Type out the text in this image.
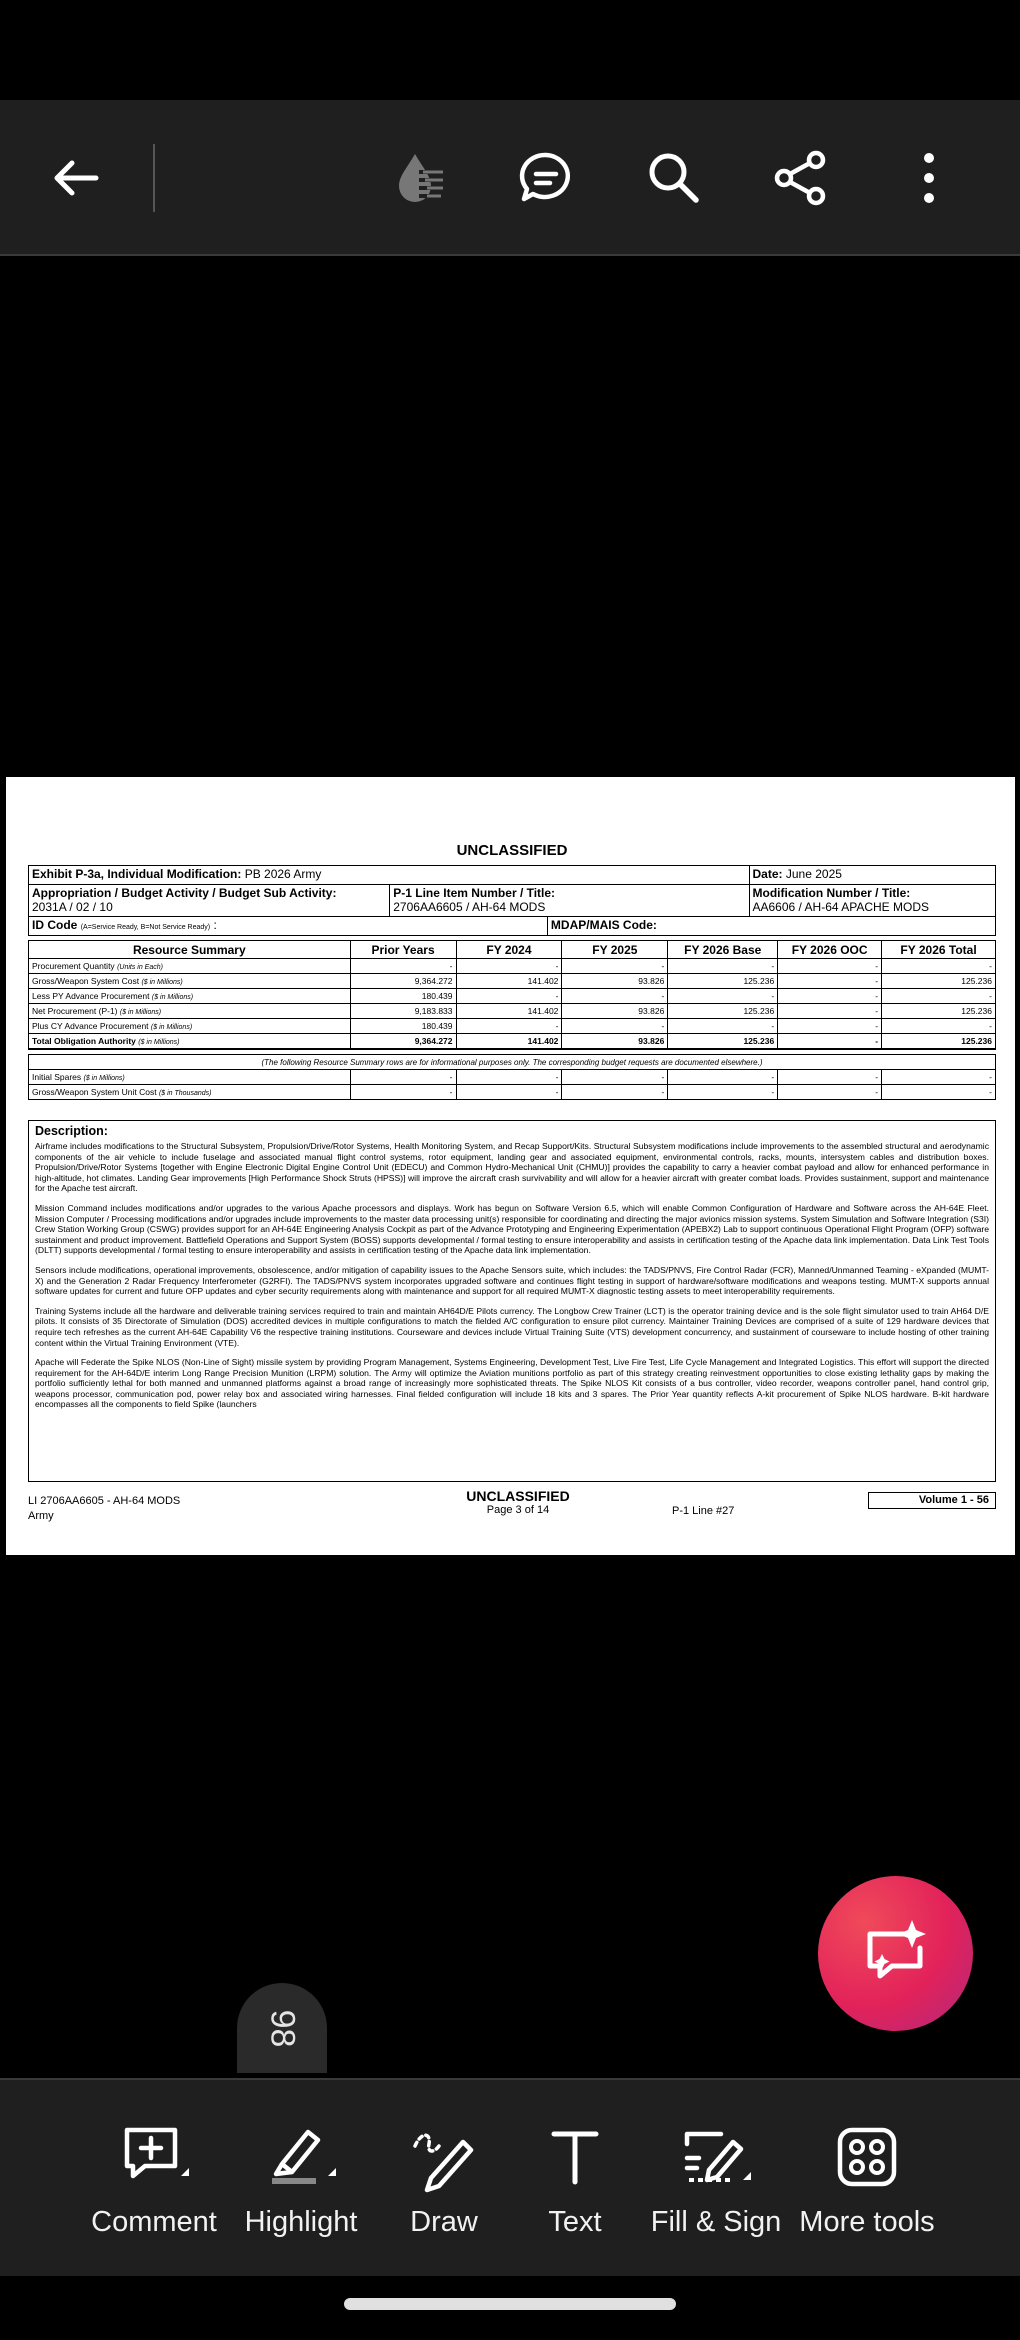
UNCLASSIFIED
Exhibit P-3a, Individual Modification: PB 2026 Army	Date: June 2025
Appropriation / Budget Activity / Budget Sub Activity:
2031A / 02 / 10
P-1 Line Item Number / Title:
2706AA6605 / AH-64 MODS
Modification Number / Title:
AA6606 / AH-64 APACHE MODS
ID Code (A=Service Ready, B=Not Service Ready) :	MDAP/MAIS Code:
Resource Summary	Prior Years	FY 2024	FY 2025	FY 2026 Base	FY 2026 OOC	FY 2026 Total
Procurement Quantity (Units in Each)	-	-	-	-	-	-
Gross/Weapon System Cost ($ in Millions)	9,364.272	141.402	93.826	125.236	-	125.236
Less PY Advance Procurement ($ in Millions)	180.439	-	-	-	-	-
Net Procurement (P-1) ($ in Millions)	9,183.833	141.402	93.826	125.236	-	125.236
Plus CY Advance Procurement ($ in Millions)	180.439	-	-	-	-	-
Total Obligation Authority ($ in Millions)	9,364.272	141.402	93.826	125.236	-	125.236

(The following Resource Summary rows are for informational purposes only. The corresponding budget requests are documented elsewhere.)						
Initial Spares ($ in Millions)	-	-	-	-	-	-
Gross/Weapon System Unit Cost ($ in Thousands)	-	-	-	-	-	-
Description:

Airframe includes modifications to the Structural Subsystem, Propulsion/Drive/Rotor Systems, Health Monitoring System, and Recap Support/Kits. Structural Subsystem modifications include improvements to the assembled structural and aerodynamic components of the air vehicle to include fuselage and associated manual flight control systems, rotor equipment, landing gear and associated equipment, environmental controls, racks, mounts, intersystem cables and distribution boxes. Propulsion/Drive/Rotor Systems [together with Engine Electronic Digital Engine Control Unit (EDECU) and Common Hydro-Mechanical Unit (CHMU)] provides the capability to carry a heavier combat payload and allow for enhanced performance in high-altitude, hot climates. Landing Gear improvements [High Performance Shock Struts (HPSS)] will improve the aircraft crash survivability and will allow for a heavier aircraft with greater combat loads. Provides sustainment, support and maintenance for the Apache test aircraft.

Mission Command includes modifications and/or upgrades to the various Apache processors and displays. Work has begun on Software Version 6.5, which will enable Common Configuration of Hardware and Software across the AH-64E Fleet. Mission Computer / Processing modifications and/or upgrades include improvements to the master data processing unit(s) responsible for coordinating and directing the major avionics mission systems. System Simulation and Software Integration (S3I) Crew Station Working Group (CSWG) provides support for an AH-64E Engineering Analysis Cockpit as part of the Advance Prototyping and Engineering Experimentation (APEBX2) Lab to support continuous Operational Flight Program (OFP) software sustainment and product improvement. Battlefield Operations and Support System (BOSS) supports developmental / formal testing to ensure interoperability and assists in certification testing of the Apache data link implementation. Data Link Test Tools (DLTT) supports developmental / formal testing to ensure interoperability and assists in certification testing of the Apache data link implementation.

Sensors include modifications, operational improvements, obsolescence, and/or mitigation of capability issues to the Apache Sensors suite, which includes: the TADS/PNVS, Fire Control Radar (FCR), Manned/Unmanned Teaming - eXpanded (MUMT-X) and the Generation 2 Radar Frequency Interferometer (G2RFI). The TADS/PNVS system incorporates upgraded software and continues flight testing in support of hardware/software modifications and weapons testing. MUMT-X supports annual software updates for current and future OFP updates and cyber security requirements along with maintenance and support for all required MUMT-X diagnostic testing assets to meet interoperability requirements.

Training Systems include all the hardware and deliverable training services required to train and maintain AH64D/E Pilots currency. The Longbow Crew Trainer (LCT) is the operator training device and is the sole flight simulator used to train AH64 D/E pilots. It consists of 35 Directorate of Simulation (DOS) accredited devices in multiple configurations to match the fielded A/C configuration to ensure pilot currency. Maintainer Training Devices are comprised of a suite of 129 hardware devices that require tech refreshes as the current AH-64E Capability V6 the respective training institutions. Courseware and devices include Virtual Training Suite (VTS) development concurrency, and sustainment of courseware to include hosting of other training content within the Virtual Training Environment (VTE).

Apache will Federate the Spike NLOS (Non-Line of Sight) missile system by providing Program Management, Systems Engineering, Development Test, Live Fire Test, Life Cycle Management and Integrated Logistics. This effort will support the directed requirement for the AH-64D/E interim Long Range Precision Munition (LRPM) solution. The Army will optimize the Aviation munitions portfolio as part of this strategy creating reinvestment opportunities to close existing lethality gaps by making the portfolio sufficiently lethal for both manned and unmanned platforms against a broad range of increasingly more sophisticated threats. The Spike NLOS Kit consists of a bus controller, video recorder, weapons controller panel, hand control grip, weapons processor, communication pod, power relay box and associated wiring harnesses. Final fielded configuration will include 18 kits and 3 spares. The Prior Year quantity reflects A-kit procurement of Spike NLOS hardware. B-kit hardware encompasses all the components to field Spike (launchers

LI 2706AA6605 - AH-64 MODS
Army
UNCLASSIFIED
Page 3 of 14	P-1 Line #27
Volume 1 - 56
98
Comment Highlight Draw Text Fill & Sign More tools
